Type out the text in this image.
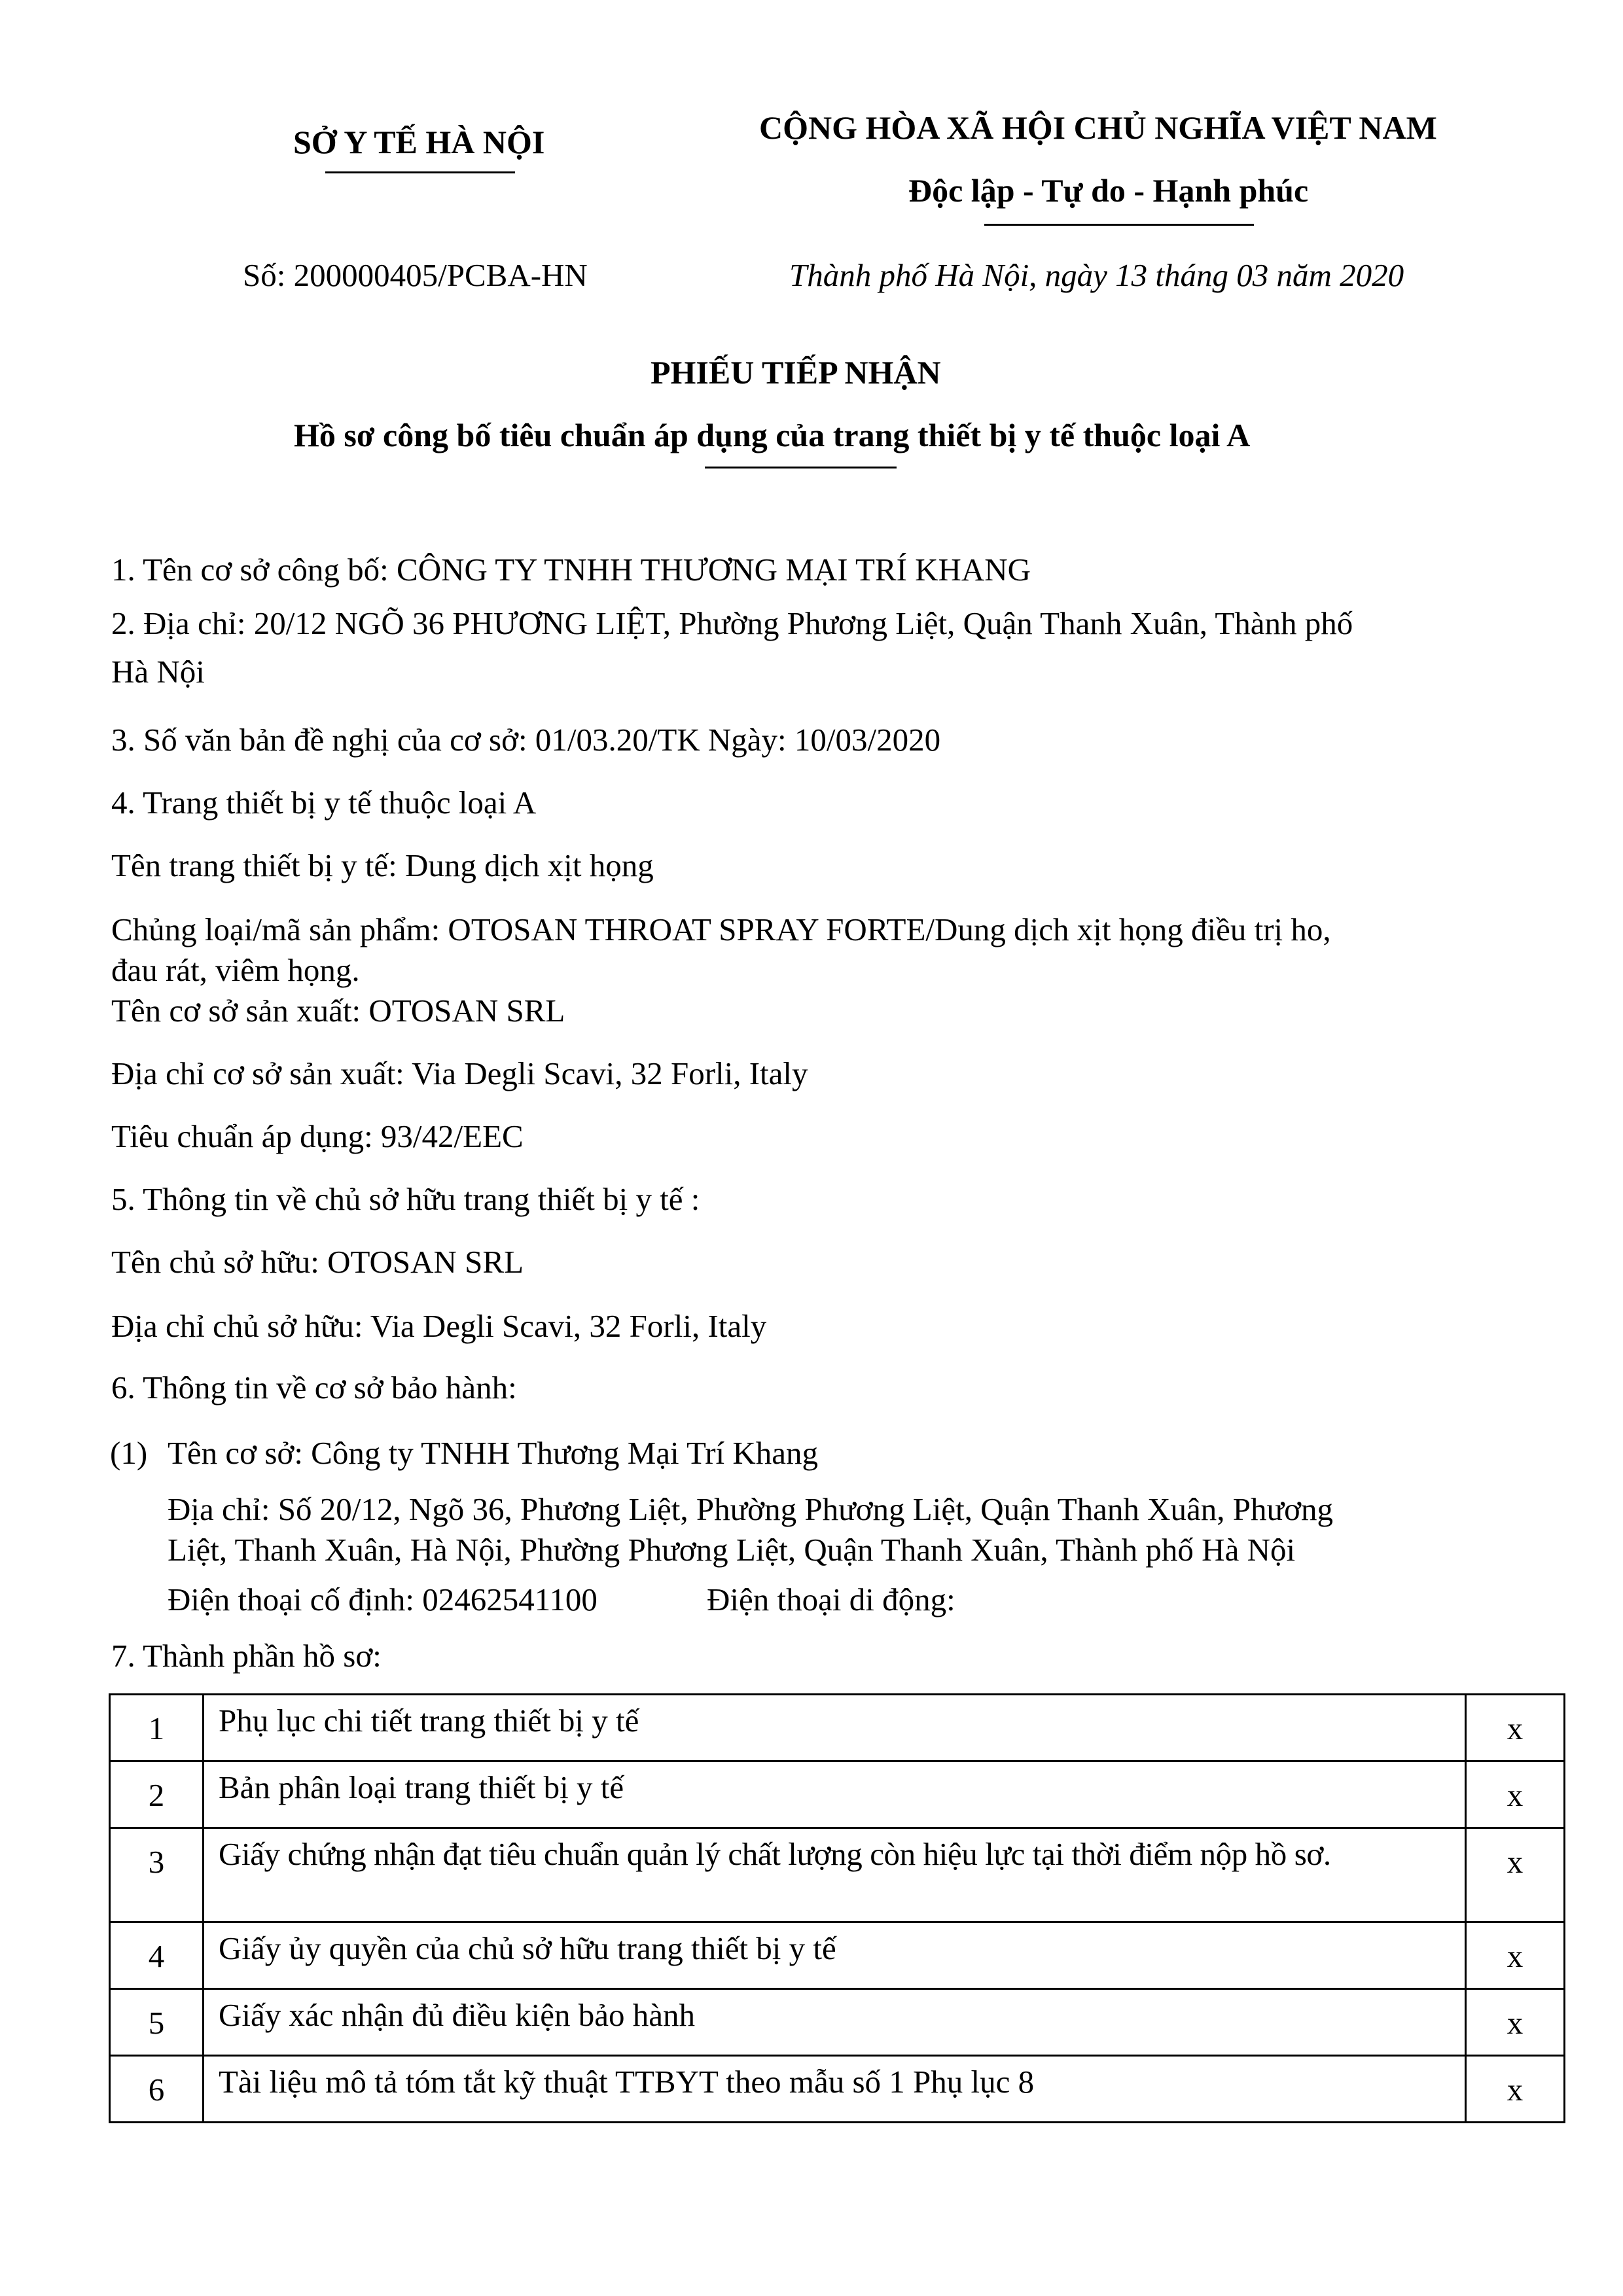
SỞ Y TẾ HÀ NỘI	CỘNG HÒA XÃ HỘI CHỦ NGHĨA VIỆT NAM
Độc lập - Tự do - Hạnh phúc
Số: 200000405/PCBA-HN	Thành phố Hà Nội, ngày 13 tháng 03 năm 2020
PHIẾU TIẾP NHẬN
Hồ sơ công bố tiêu chuẩn áp dụng của trang thiết bị y tế thuộc loại A
1. Tên cơ sở công bố: CÔNG TY TNHH THƯƠNG MẠI TRÍ KHANG
2. Địa chỉ: 20/12 NGÕ 36 PHƯƠNG LIỆT, Phường Phương Liệt, Quận Thanh Xuân, Thành phố
Hà Nội
3. Số văn bản đề nghị của cơ sở: 01/03.20/TK Ngày: 10/03/2020
4. Trang thiết bị y tế thuộc loại A
Tên trang thiết bị y tế: Dung dịch xịt họng
Chủng loại/mã sản phẩm: OTOSAN THROAT SPRAY FORTE/Dung dịch xịt họng điều trị ho,
đau rát, viêm họng.
Tên cơ sở sản xuất: OTOSAN SRL
Địa chỉ cơ sở sản xuất: Via Degli Scavi, 32 Forli, Italy
Tiêu chuẩn áp dụng: 93/42/EEC
5. Thông tin về chủ sở hữu trang thiết bị y tế :
Tên chủ sở hữu: OTOSAN SRL
Địa chỉ chủ sở hữu: Via Degli Scavi, 32 Forli, Italy
6. Thông tin về cơ sở bảo hành:
(1) Tên cơ sở: Công ty TNHH Thương Mại Trí Khang
Địa chỉ: Số 20/12, Ngõ 36, Phương Liệt, Phường Phương Liệt, Quận Thanh Xuân, Phương
Liệt, Thanh Xuân, Hà Nội, Phường Phương Liệt, Quận Thanh Xuân, Thành phố Hà Nội
Điện thoại cố định: 02462541100	Điện thoại di động:
7. Thành phần hồ sơ:
1	Phụ lục chi tiết trang thiết bị y tế	x

2	Bản phân loại trang thiết bị y tế	x

3	Giấy chứng nhận đạt tiêu chuẩn quản lý chất lượng còn hiệu lực tại thời điểm nộp hồ sơ.	x

4	Giấy ủy quyền của chủ sở hữu trang thiết bị y tế	x

5	Giấy xác nhận đủ điều kiện bảo hành	x

6	Tài liệu mô tả tóm tắt kỹ thuật TTBYT theo mẫu số 1 Phụ lục 8	x
